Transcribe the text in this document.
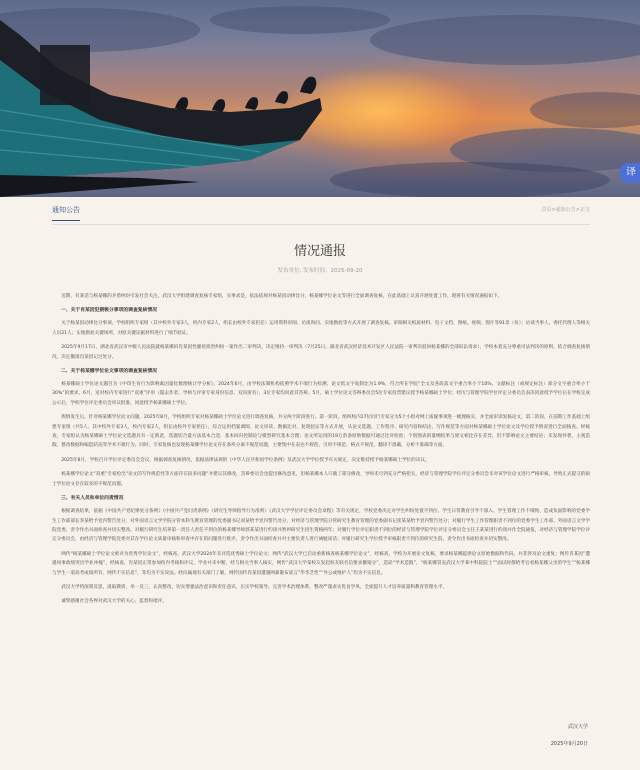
译
通知公告	首页>通知公告>正文
情况通报
发布单位: 发布时间：2025-09-20

近期，有某话与杨某娜的矛盾纠纷引发社会关注。武汉大学组建调查复核专家组，实事求是，依法依规对杨某因动律比分，杨某娜学位论文等进行全面调查复核，在此基础上认真开展处置工作，现将有关情况通报如下。

一、关于肖某因犯猥亵分事项的调查复核情况

关于杨某因动律比分事项。学校组织专家组（其中校外专家3人，校内专家2人，组长由校外专家担任）运用资料审阅、访谈询问、实地勘验等方式开展了调查复核。审阅相关纸质材料、电子文档、图纸、视频、图片等91章（份）；访谈当事人、委托代理人等相关人员21人；实地勘验关键场所，对原关键证据材料进行了细节验证。

2025年9月17日，湖北省武汉市中级人民法院就杨某娜诉肖某因性骚扰损害纠纷一案作出二审判决，决定维持一审判决（7月25日，湖北省武汉经济技术开发区人民法院一审判决驳回杨某娜的全部诉讼请求），学校本着充分尊重司法判决的原则，结合调查复核情况，决定撤销肖某因记过处分。

二、关于杨某娜学位论文事项的调查复核情况

杨某娜硕士学位论文题目为《中印生育行为影响素因量化数理统计学分析》，2024年6月，由学校法制机构依照学术不端行为检测、论文低文字复制比为1.9%，符合所在学院“全文及各段落文字重合率小于10%、文献标注（或规定标注）部分文字重合率小于30%”的要求。6月，送对校内专家进行“双重”评审（隐去作者、导师与评审专家身份信息、双向匿名），3位专家均同意其答辩。5月，硕士学位论文答辩委员会5位专家投票建议授予杨某娜硕士学位；经历与管理学院学位评定分委员会表决同意授予学位后在学校完成公示后，学校学位评定委员会审议批准，同意授予杨某娜硕士学位。

舆情发生后，针对杨某娜学位论文问题，2025年8月，学校组织专家对杨某娜硕士学位论文进行调查复核，共分两个阶段进行。第一阶段，组织校内17位同行专家分为5个小组对网上质疑事项进一梳理核实，并全面审读复核论文，第二阶段，在前期工作基础上组建专家组（共5人，其中校外专家3人，校内专家2人，组长由校外专家担任），综合运用档案调阅、论文审读、数据比对、复现验证等方式开展，从论文选题、工作程序、研究内容和结论、写作规范等方面对杨某娜硕士学位论文及学位授予情况进行全面核查。经核查，专家组认为杨某娜硕士学位论文选题具有一定新意，选题切合量方法基本合适，基本回归控制论与模型研究基本合理；论文所运用的19万余条原始数据可通过比对检验；个别图表的量纲结果与原文相比存在差异，但不影响论文主要结论；未发现抄袭、主观造假、篡改数据和编造结论等学术不端行为。同时，专家复核也发现杨某娜学位论文存在条块分离不规范问题，主要集中在表达不规范、引用不规范、格式不规范、翻译不准确，分析不准确等方面。

2025年8月，学校召开学位评定委员会会议，根据调查复核情况，依据法律法规的《中华人民共和国学位条例》及武汉大学学位授予有关规定，决定维持授予杨某娜硕士学位的决议。

杨某娜学位论文“双重”专家检出“论文的写作规范性等方面存在较多问题”并建议其修改，答辩委员会也提出修改意见，但杨某娜本人只做了部分修改，导师未尽到充分严格把关，经济与管理学院学位评定分委员会未对该学位论文进行严格审核，导致正式提交的硕士学位论文存在较多的不规范问题。

三、有关人员和单位问责情况

根据调查结果，依据《中国共产党纪律处分条例》《中国共产党问责条例》《研究生导师指导行为准则》《武汉大学学位评定委员会章程》等有关规定，学校党委决定对学生纠纷处置不到位、学生日常教育引导不深入、学生管理工作不细致、造成负面影响的党委学生工作部部长李某给予党内警告处分，对外国语言文学学院分管本科生教育管理的党委副书记刘某给予党内警告处分，对经济与管理学院分管研究生教育管理的党委副书记崔某某给予党内警告处分；对履行学生工作管理职责不到位的党委学生工作部、外国语言文学学院党委，责令作出书面检查并切实整改。对履行研究生培养第一责任人责任不到位的杨某娜导师郭某某进行约谈并暂停研究生招生资格两年；对履行学位评定职责不到位的经济与管理学院学位评定分委员会主任王某某进行约谈并作全院通报，对经济与管理学院学位评定分委员会，由经济与管理学院党委对其在学位论文质量审核和审查中存在的问题进行批评，责令作出书面检查并对主要负责人进行诫勉谈话；对履行研究生学位授予审核职责不到位的研究生院，责令作出书面检查并切实整改。

网传“杨某娜硕士学位论文被评为优秀学位论文”，经核查，武汉大学2024年未评选优秀硕士学位论文；网传“武汉大学已启动重新核查杨某娜学位论文”，经核查，学校为开展论文复核，要求杨某娜提供论文原始数据和代码，并非涉及论文重复；网传肖某因“遭遇同事政绩突出学业冲撞”，经核查，肖某因正常参加校内考核和评议，学业并未中断，经与相关当事人核实，网传“武汉大学某校友发起校友联名信要求撤销分”，造谣“学术造假”，“杨某娜冒充武汉大学某中科院院士”“面试时都给考官看杨某娜父亲的学生”“杨某娜与学生一道高考成绩所有，网传不实信息”，等均为不实说法。经向属地有关部门了解，网传国传肖某因遭遇网暴散布谣言“华华乏性”“外公或维护人”均为不实信息。

武汉大学将深刻反思，汲取教训，举一反三，认真整改，切实增强法治意识和责任意识，压实学校领导、完善学术治理体系，整改严谨求实优良学风，全面提升人才培养质量和教育管理水平。

诚挚感谢社会各界对武汉大学的关心、监督和批评。

武汉大学
2025年9月20日
